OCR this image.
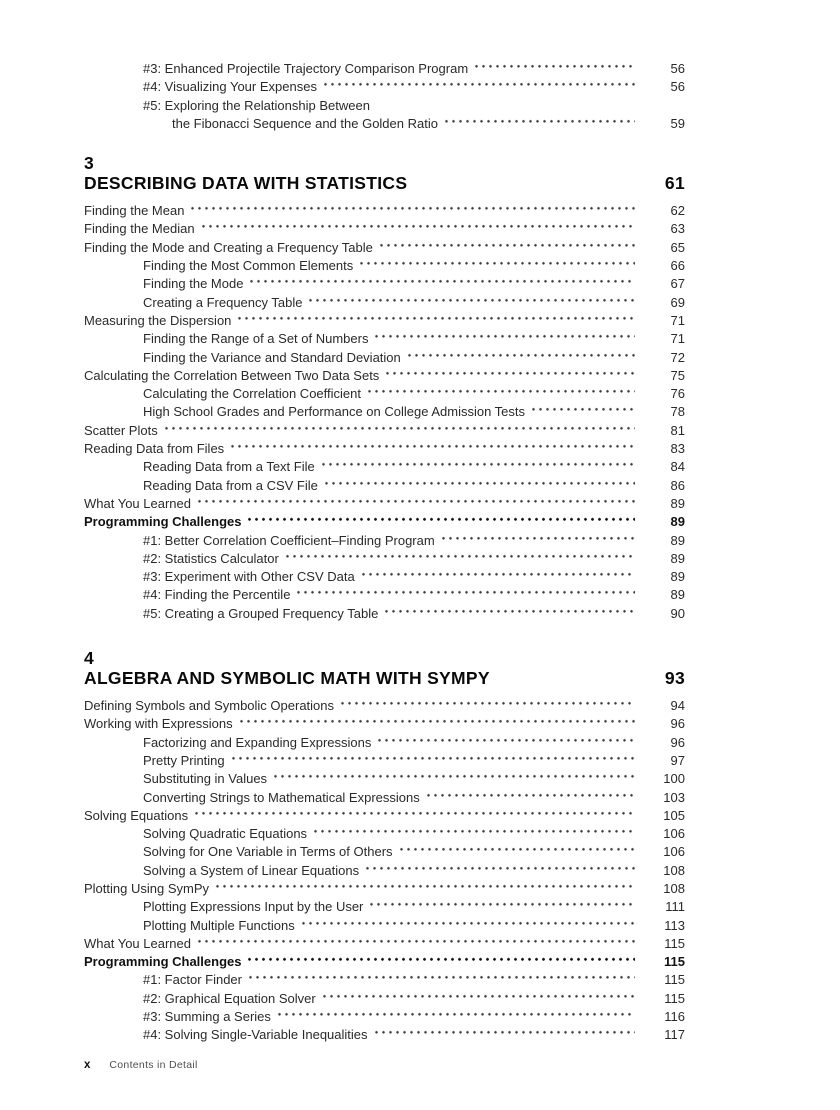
#3: Enhanced Projectile Trajectory Comparison Program	56
#4: Visualizing Your Expenses	56
#5: Exploring the Relationship Between
the Fibonacci Sequence and the Golden Ratio	59
3
DESCRIBING DATA WITH STATISTICS	61
Finding the Mean	62
Finding the Median	63
Finding the Mode and Creating a Frequency Table	65
Finding the Most Common Elements	66
Finding the Mode	67
Creating a Frequency Table	69
Measuring the Dispersion	71
Finding the Range of a Set of Numbers	71
Finding the Variance and Standard Deviation	72
Calculating the Correlation Between Two Data Sets	75
Calculating the Correlation Coefficient	76
High School Grades and Performance on College Admission Tests	78
Scatter Plots	81
Reading Data from Files	83
Reading Data from a Text File	84
Reading Data from a CSV File	86
What You Learned	89
Programming Challenges	89
#1: Better Correlation Coefficient–Finding Program	89
#2: Statistics Calculator	89
#3: Experiment with Other CSV Data	89
#4: Finding the Percentile	89
#5: Creating a Grouped Frequency Table	90
4
ALGEBRA AND SYMBOLIC MATH WITH SYMPY	93
Defining Symbols and Symbolic Operations	94
Working with Expressions	96
Factorizing and Expanding Expressions	96
Pretty Printing	97
Substituting in Values	100
Converting Strings to Mathematical Expressions	103
Solving Equations	105
Solving Quadratic Equations	106
Solving for One Variable in Terms of Others	106
Solving a System of Linear Equations	108
Plotting Using SymPy	108
Plotting Expressions Input by the User	111
Plotting Multiple Functions	113
What You Learned	115
Programming Challenges	115
#1: Factor Finder	115
#2: Graphical Equation Solver	115
#3: Summing a Series	116
#4: Solving Single-Variable Inequalities	117
x Contents in Detail
